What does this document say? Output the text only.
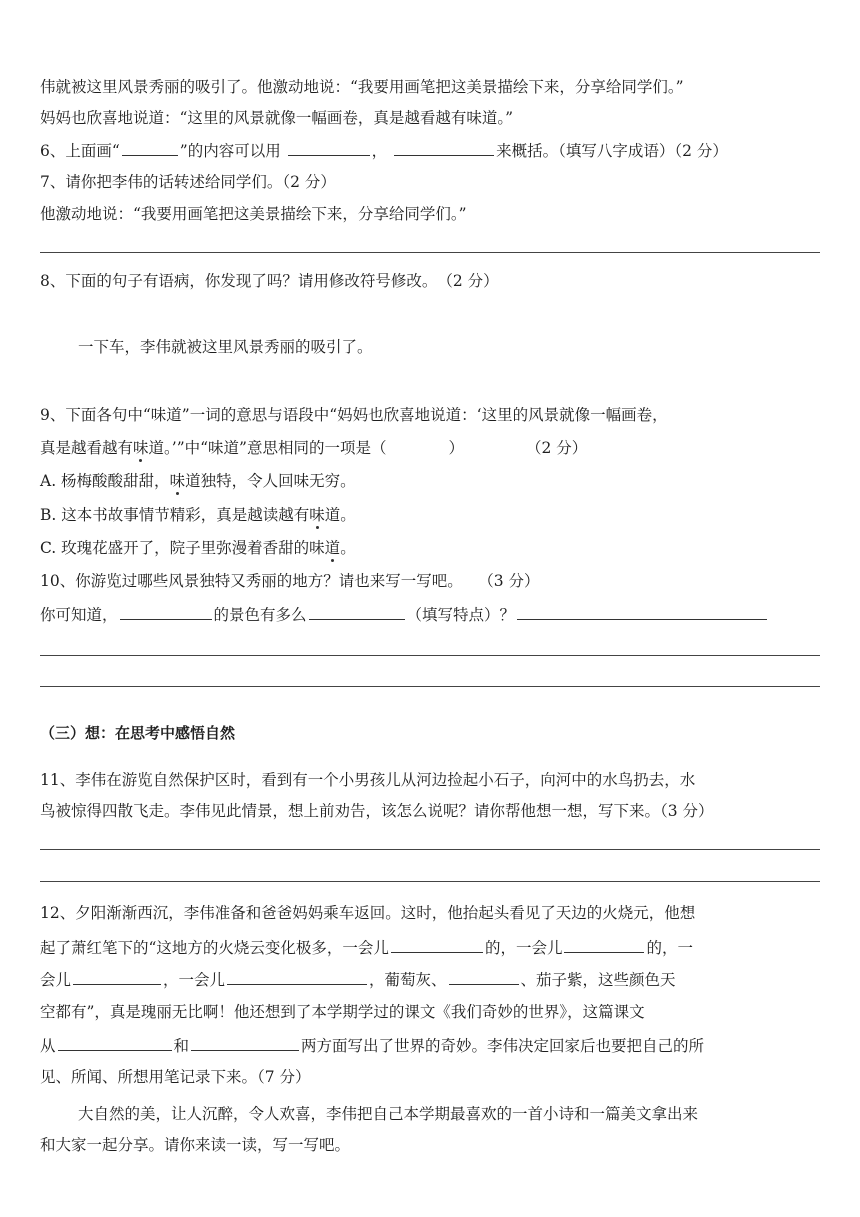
伟就被这里风景秀丽的吸引了。他激动地说：“我要用画笔把这美景描绘下来，分享给同学们。”
妈妈也欣喜地说道：“这里的风景就像一幅画卷，真是越看越有味道。”
6、上面画“	”的内容可以用	，	来概括。（填写八字成语）（2 分）
7、请你把李伟的话转述给同学们。（2 分）
他激动地说：“我要用画笔把这美景描绘下来，分享给同学们。”
8、下面的句子有语病，你发现了吗？请用修改符号修改。　（2 分）
一下车，李伟就被这里风景秀丽的吸引了。
9、下面各句中“味道”一词的意思与语段中“妈妈也欣喜地说道：‘这里的风景就像一幅画卷，
真是越看越有味道。’”中“味道”意思相同的一项是（　　　　）　　　　　（2 分）
A. 杨梅酸酸甜甜，味道独特，令人回味无穷。
B. 这本书故事情节精彩，真是越读越有味道。
C. 玫瑰花盛开了，院子里弥漫着香甜的味道。
10、你游览过哪些风景独特又秀丽的地方？请也来写一写吧。　　（3 分）
你可知道，	的景色有多么	（填写特点）？
（三）想：在思考中感悟自然
11、李伟在游览自然保护区时，看到有一个小男孩儿从河边捡起小石子，向河中的水鸟扔去，水
鸟被惊得四散飞走。李伟见此情景，想上前劝告，该怎么说呢？请你帮他想一想，写下来。（3 分）
12、夕阳渐渐西沉，李伟准备和爸爸妈妈乘车返回。这时，他抬起头看见了天边的火烧元，他想
起了萧红笔下的“这地方的火烧云变化极多，一会儿	的，一会儿	的，一
会儿	，一会儿	，葡萄灰、	、茄子紫，这些颜色天
空都有”，真是瑰丽无比啊！他还想到了本学期学过的课文《我们奇妙的世界》，这篇课文
从	和	两方面写出了世界的奇妙。李伟决定回家后也要把自己的所
见、所闻、所想用笔记录下来。（7 分）
大自然的美，让人沉醉，令人欢喜，李伟把自己本学期最喜欢的一首小诗和一篇美文拿出来
和大家一起分享。请你来读一读，写一写吧。
